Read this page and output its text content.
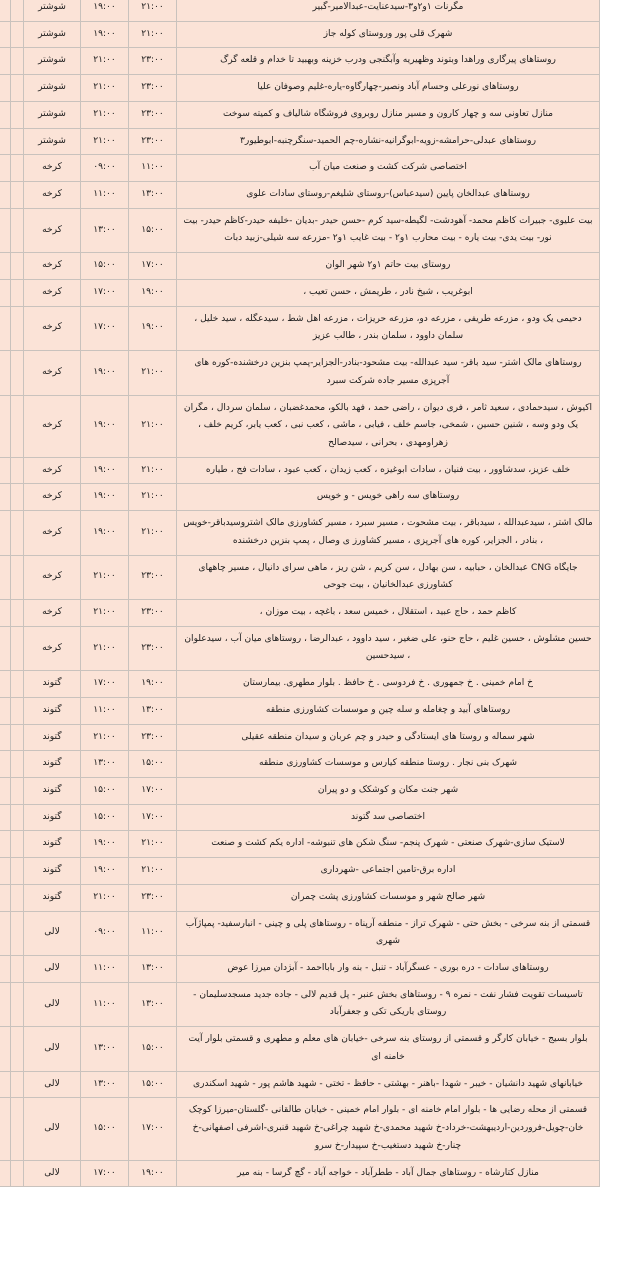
مگرنات ۱و۲و۳-سیدعنایت-عبدالامیر-گبیر	۲۱:۰۰	۱۹:۰۰	شوشتر		
شهرک قلی پور وروستای کوله جاز	۲۱:۰۰	۱۹:۰۰	شوشتر		
روستاهای پیرگاری وراهدا وبتوند وظهیریه وآبگنجی ودرب خزینه وبهبید تا خدام و قلعه گرگ	۲۳:۰۰	۲۱:۰۰	شوشتر		
روستاهای نورعلی وحسام آباد ونصیر-چهارگاوه-یاره-غلیم وصوفان علیا	۲۳:۰۰	۲۱:۰۰	شوشتر		
منازل تعاونی سه و چهار کارون و مسیر منازل روبروی فروشگاه شالیاف و کمیته سوخت	۲۳:۰۰	۲۱:۰۰	شوشتر		
روستاهای عبدلی-حرامشه-زویه-ابوگرانیه-نشاره-چم الحمید-سنگرچنبه-ابوطیور۳	۲۳:۰۰	۲۱:۰۰	شوشتر		
اختصاصی شرکت کشت و صنعت میان آب	۱۱:۰۰	۰۹:۰۰	کرخه		
روستاهای عبدالخان پایین (سیدعباس)-روستای شلیغم-روستای سادات علوی	۱۳:۰۰	۱۱:۰۰	کرخه		
بیت علیوی- جبیرات کاظم محمد- آهودشت- لگیطه-سید کرم -حسن حیدر -بدیان -خلیفه حیدر-کاظم حیدر- بیت نور- بیت یدی- بیت یاره - بیت محارب ۱و۲ - بیت غایب ۱و۲ -مزرعه سه شیلی-زبید دبات	۱۵:۰۰	۱۳:۰۰	کرخه		
روستای بیت حاتم ۱و۲ شهر الوان	۱۷:۰۰	۱۵:۰۰	کرخه		
ابوغریب ، شیخ نادر ، طریمش ، حسن تعیب ،	۱۹:۰۰	۱۷:۰۰	کرخه		
دحیمی یک ودو ، مزرعه طریفی ، مزرعه دو، مزرعه حریزات ، مزرعه اهل شط ، سیدعگله ، سید خلیل ، سلمان داوود ، سلمان بندر ، طالب عزیز	۱۹:۰۰	۱۷:۰۰	کرخه		
روستاهای مالک اشتر- سید باقر- سید عبدالله- بیت مشحود-بنادر-الجزایر-پمپ بنزین درخشنده-کوره های آجرپزی مسیر جاده شرکت سبرد	۲۱:۰۰	۱۹:۰۰	کرخه		
اکیوش ، سیدحمادی ، سعید ثامر ، فری دیوان ، راضی حمد ، فهد بالکو، محمدغضبان ، سلمان سردال ، مگران یک ودو وسه ، شنین حسین ، شمخی، جاسم خلف ، فیابی ، ماشی ، کعب نبی ، کعب یابر، کریم خلف ، زهراومهدی ، بحرانی ، سیدصالح	۲۱:۰۰	۱۹:۰۰	کرخه		
خلف عزیز، سدشاوور ، بیت فنیان ، سادات ابوغیزه ، کعب زیدان ، کعب عبود ، سادات فج ، طیاره	۲۱:۰۰	۱۹:۰۰	کرخه		
روستاهای سه راهی خویس - و خویس	۲۱:۰۰	۱۹:۰۰	کرخه		
مالک اشتر ، سیدعبدالله ، سیدباقر ، بیت مشحوت ، مسیر سبرد ، مسیر کشاورزی مالک اشتروسیدباقر-خویس ، بنادر ، الجزایر، کوره های آجرپزی ، مسیر کشاورز ی وصال ، پمپ بنزین درخشنده	۲۱:۰۰	۱۹:۰۰	کرخه		
جایگاه CNG عبدالخان ، حبابیه ، سن بهادل ، سن کریم ، شن ریز ، ماهی سرای دانیال ، مسیر چاههای کشاورزی عبدالخانیان ، بیت جوحی	۲۳:۰۰	۲۱:۰۰	کرخه		
کاظم حمد ، حاج عبید ، استقلال ، خمیس سعد ، باغچه ، بیت موزان ،	۲۳:۰۰	۲۱:۰۰	کرخه		
حسین مشلوش ، حسین غلیم ، حاج حنو، علی ضغیر ، سید داوود ، عبدالرضا ، روستاهای میان آب ، سیدعلوان ، سیدحسین	۲۳:۰۰	۲۱:۰۰	کرخه		
خ امام خمینی . خ جمهوری . خ فردوسی . خ حافظ . بلوار مطهری. بیمارستان	۱۹:۰۰	۱۷:۰۰	گتوند		
روستاهای آبید و چغامله و سله چین و موسسات کشاورزی منطقه	۱۳:۰۰	۱۱:۰۰	گتوند		
شهر سماله و روستا های ایستادگی و حیدر و چم عربان و سیدان منطقه عقیلی	۲۳:۰۰	۲۱:۰۰	گتوند		
شهرک بنی نجار . روستا منطقه کیارس و موسسات کشاورزی منطقه	۱۵:۰۰	۱۳:۰۰	گتوند		
شهر جنت مکان و کوشکک و دو پیران	۱۷:۰۰	۱۵:۰۰	گتوند		
اختصاصی سد گتوند	۱۷:۰۰	۱۵:۰۰	گتوند		
لاستیک سازی-شهرک صنعتی - شهرک پنجم- سنگ شکن های تنبوشه- اداره یکم کشت و صنعت	۲۱:۰۰	۱۹:۰۰	گتوند		
اداره برق-تامین اجتماعی -شهرداری	۲۱:۰۰	۱۹:۰۰	گتوند		
شهر صالح شهر و موسسات کشاورزی پشت چمران	۲۳:۰۰	۲۱:۰۰	گتوند		
قسمتی از بنه سرخی - بخش حتی - شهرک تراز - منطقه آرپناه - روستاهای پلی و چینی - انبارسفید- پمپاژآب شهری	۱۱:۰۰	۰۹:۰۰	لالی		
روستاهای سادات - دره بوری - عسگرآباد - تنبل - بنه وار بابااحمد - آبژدان میرزا عوض	۱۳:۰۰	۱۱:۰۰	لالی		
تاسیسات تقویت فشار نفت - نمره ۹ - روستاهای بخش عنبر - پل قدیم لالی - جاده جدید مسجدسلیمان - روستای باریکی تکی و جعفرآباد	۱۳:۰۰	۱۱:۰۰	لالی		
بلوار بسیج - خیابان کارگر و قسمتی از روستای بنه سرخی -خیابان های معلم و مطهری و قسمتی بلوار آیت خامنه ای	۱۵:۰۰	۱۳:۰۰	لالی		
خیابانهای شهید دانشیان - خیبر - شهدا -باهنر - بهشتی - حافظ - تختی - شهید هاشم پور - شهید اسکندری	۱۵:۰۰	۱۳:۰۰	لالی		
قسمتی از محله رضایی ها - بلوار امام خامنه ای - بلوار امام خمینی - خیابان طالقانی -گلستان-میرزا کوچک خان-چویل-فروردین-اردیبهشت-خرداد-خ شهید محمدی-خ شهید چراغی-خ شهید قنبری-اشرفی اصفهانی-خ چنار-خ شهید دستغیب-خ سپیدار-خ سرو	۱۷:۰۰	۱۵:۰۰	لالی		
منازل کتارشاه - روستاهای جمال آباد - ططرآباد - خواجه آباد - گچ گرسا - بنه میر	۱۹:۰۰	۱۷:۰۰	لالی		
